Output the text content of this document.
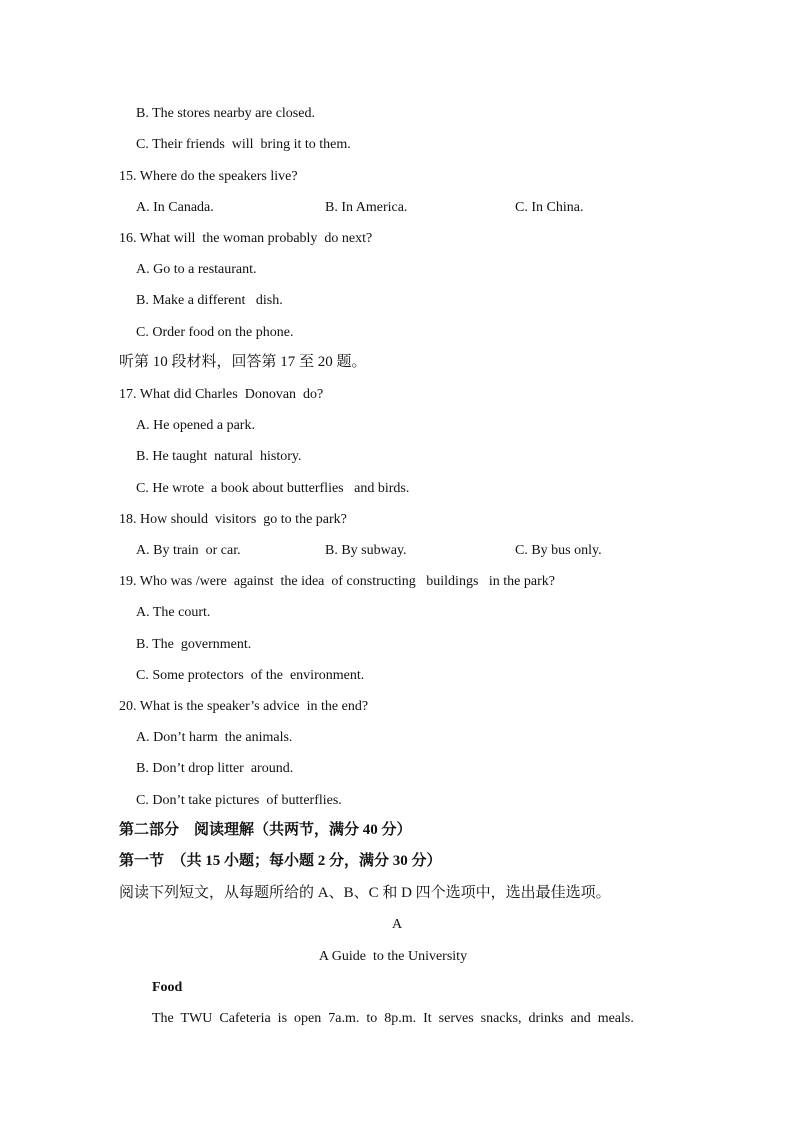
B. The stores nearby are closed.
C. Their friends  will  bring it to them.
15. Where do the speakers live?
A. In Canada.	B. In America.	C. In China.
16. What will  the woman probably  do next?
A. Go to a restaurant.
B. Make a different   dish.
C. Order food on the phone.
听第 10 段材料，回答第 17 至 20 题。
17. What did Charles  Donovan  do?
A. He opened a park.
B. He taught  natural  history.
C. He wrote  a book about butterflies   and birds.
18. How should  visitors  go to the park?
A. By train  or car.	B. By subway.	C. By bus only.
19. Who was /were  against  the idea  of constructing   buildings   in the park?
A. The court.
B. The  government.
C. Some protectors  of the  environment.
20. What is the speaker’s advice  in the end?
A. Don’t harm  the animals.
B. Don’t drop litter  around.
C. Don’t take pictures  of butterflies.
第二部分    阅读理解（共两节，满分 40 分）
第一节  （共 15 小题；每小题 2 分，满分 30 分）
阅读下列短文，从每题所给的 A、B、C 和 D 四个选项中，选出最佳选项。
A
A Guide  to the University
Food
The  TWU  Cafeteria  is  open  7a.m.  to  8p.m.  It  serves  snacks,  drinks  and  meals.
